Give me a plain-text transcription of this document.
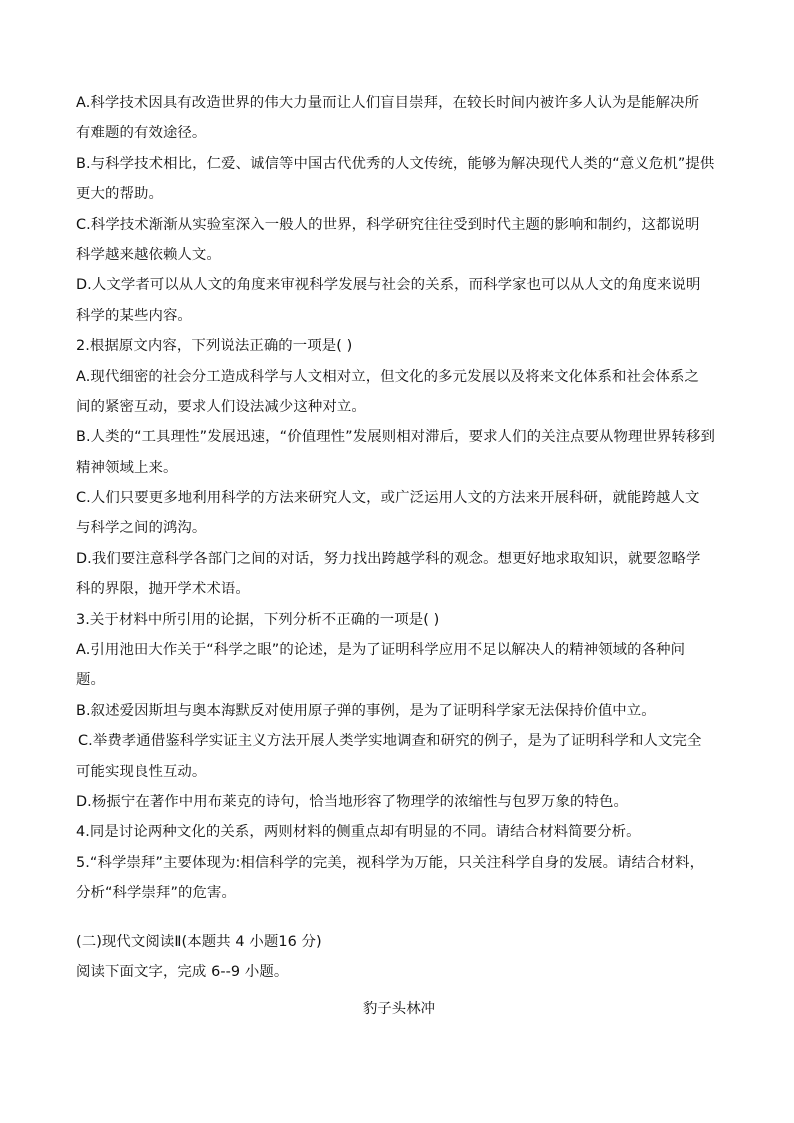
A.科学技术因具有改造世界的伟大力量而让人们盲目崇拜，在较长时间内被许多人认为是能解决所
有难题的有效途径。
B.与科学技术相比，仁爱、诚信等中国古代优秀的人文传统，能够为解决现代人类的“意义危机”提供
更大的帮助。
C.科学技术渐渐从实验室深入一般人的世界，科学研究往往受到时代主题的影响和制约，这都说明
科学越来越依赖人文。
D.人文学者可以从人文的角度来审视科学发展与社会的关系，而科学家也可以从人文的角度来说明
科学的某些内容。
2.根据原文内容，下列说法正确的一项是( )
A.现代细密的社会分工造成科学与人文相对立，但文化的多元发展以及将来文化体系和社会体系之
间的紧密互动，要求人们设法减少这种对立。
B.人类的“工具理性”发展迅速，“价值理性”发展则相对滞后，要求人们的关注点要从物理世界转移到
精神领域上来。
C.人们只要更多地利用科学的方法来研究人文，或广泛运用人文的方法来开展科研，就能跨越人文
与科学之间的鸿沟。
D.我们要注意科学各部门之间的对话，努力找出跨越学科的观念。想更好地求取知识，就要忽略学
科的界限，抛开学术术语。
3.关于材料中所引用的论据，下列分析不正确的一项是( )
A.引用池田大作关于“科学之眼”的论述，是为了证明科学应用不足以解决人的精神领域的各种问
题。
B.叙述爱因斯坦与奥本海默反对使用原子弹的事例，是为了证明科学家无法保持价值中立。
C.举费孝通借鉴科学实证主义方法开展人类学实地调查和研究的例子，是为了证明科学和人文完全
可能实现良性互动。
D.杨振宁在著作中用布莱克的诗句，恰当地形容了物理学的浓缩性与包罗万象的特色。
4.同是讨论两种文化的关系，两则材料的侧重点却有明显的不同。请结合材料简要分析。
5.“科学崇拜”主要体现为:相信科学的完美，视科学为万能，只关注科学自身的发展。请结合材料，
分析“科学崇拜”的危害。
(二)现代文阅读Ⅱ(本题共 4 小题16 分)
阅读下面文字，完成 6--9 小题。
豹子头林冲
